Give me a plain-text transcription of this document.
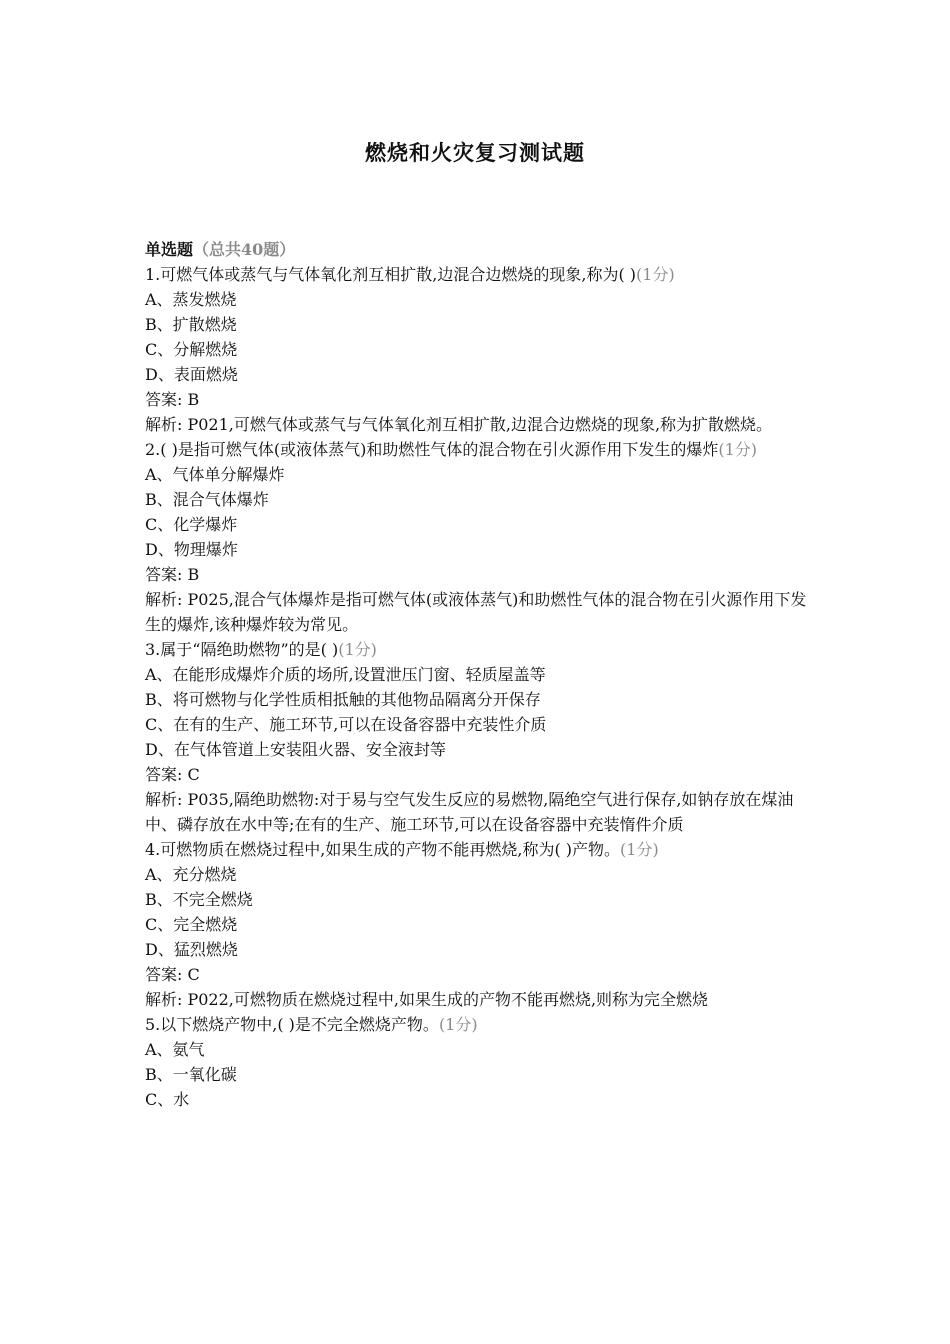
燃烧和火灾复习测试题
单选题（总共40题）
1.可燃气体或蒸气与气体氧化剂互相扩散,边混合边燃烧的现象,称为( )(1分)
A、蒸发燃烧
B、扩散燃烧
C、分解燃烧
D、表面燃烧
答案: B
解析: P021,可燃气体或蒸气与气体氧化剂互相扩散,边混合边燃烧的现象,称为扩散燃烧。
2.( )是指可燃气体(或液体蒸气)和助燃性气体的混合物在引火源作用下发生的爆炸(1分)
A、气体单分解爆炸
B、混合气体爆炸
C、化学爆炸
D、物理爆炸
答案: B
解析: P025,混合气体爆炸是指可燃气体(或液体蒸气)和助燃性气体的混合物在引火源作用下发生的爆炸,该种爆炸较为常见。
3.属于“隔绝助燃物”的是( )(1分)
A、在能形成爆炸介质的场所,设置泄压门窗、轻质屋盖等
B、将可燃物与化学性质相抵触的其他物品隔离分开保存
C、在有的生产、施工环节,可以在设备容器中充装性介质
D、在气体管道上安装阻火器、安全液封等
答案: C
解析: P035,隔绝助燃物:对于易与空气发生反应的易燃物,隔绝空气进行保存,如钠存放在煤油中、磷存放在水中等;在有的生产、施工环节,可以在设备容器中充装惰件介质
4.可燃物质在燃烧过程中,如果生成的产物不能再燃烧,称为( )产物。(1分)
A、充分燃烧
B、不完全燃烧
C、完全燃烧
D、猛烈燃烧
答案: C
解析: P022,可燃物质在燃烧过程中,如果生成的产物不能再燃烧,则称为完全燃烧
5.以下燃烧产物中,( )是不完全燃烧产物。(1分)
A、氨气
B、一氧化碳
C、水
